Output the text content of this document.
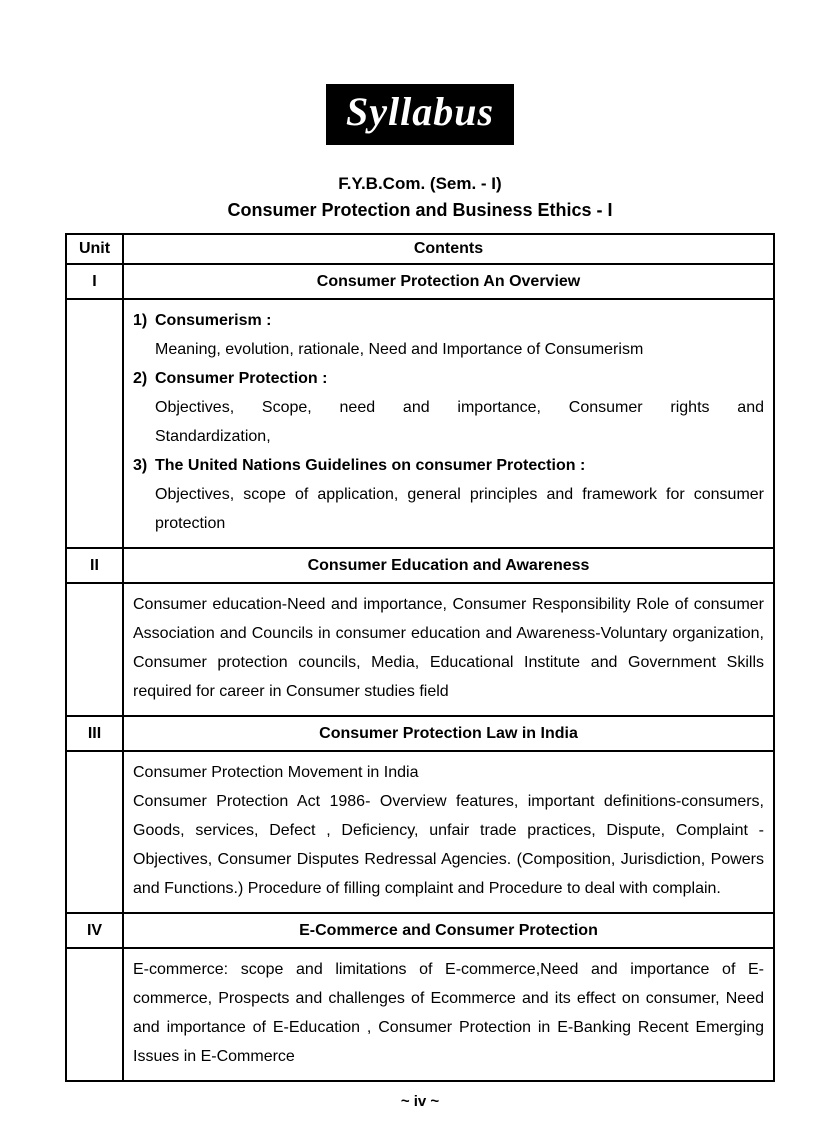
Syllabus
F.Y.B.Com. (Sem. - I)
Consumer Protection and Business Ethics - I
Unit	Contents
I	Consumer Protection An Overview

1) Consumerism :
Meaning, evolution, rationale, Need and Importance of Consumerism
2) Consumer Protection :
Objectives, Scope, need and importance, Consumer rights and
Standardization,
3) The United Nations Guidelines on consumer Protection :
Objectives, scope of application, general principles and framework for consumer protection

II	Consumer Education and Awareness

	Consumer education-Need and importance, Consumer Responsibility Role of consumer Association and Councils in consumer education and Awareness-Voluntary organization, Consumer protection councils, Media, Educational Institute and Government Skills required for career in Consumer studies field

III	Consumer Protection Law in India

	Consumer Protection Movement in India
Consumer Protection Act 1986- Overview features, important definitions-consumers, Goods, services, Defect , Deficiency, unfair trade practices, Dispute, Complaint -Objectives, Consumer Disputes Redressal Agencies. (Composition, Jurisdiction, Powers and Functions.) Procedure of filling complaint and Procedure to deal with complain.

IV	E-Commerce and Consumer Protection

	E-commerce: scope and limitations of E-commerce,Need and importance of E-commerce, Prospects and challenges of Ecommerce and its effect on consumer, Need and importance of E-Education , Consumer Protection in E-Banking Recent Emerging Issues in E-Commerce
~ iv ~
